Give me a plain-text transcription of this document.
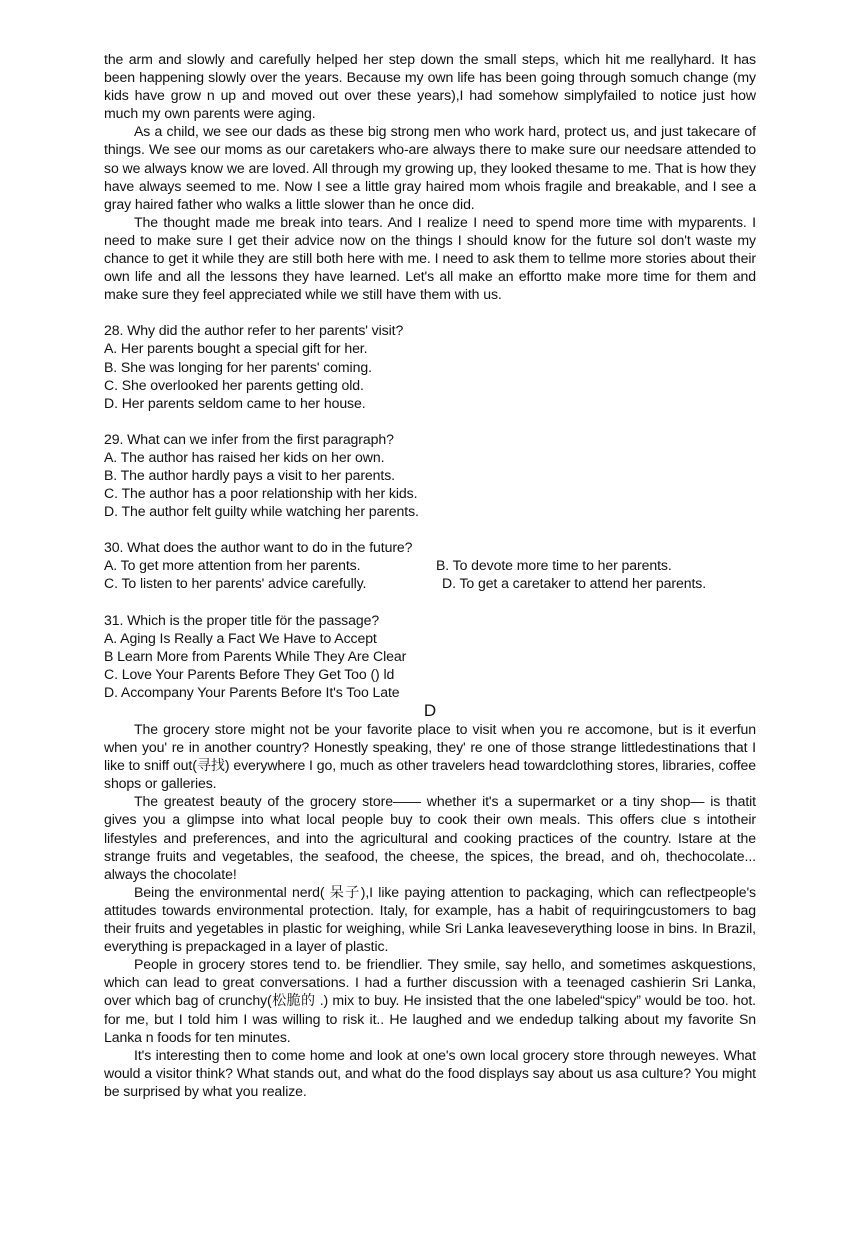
the arm and slowly and carefully helped her step down the small steps, which hit me reallyhard. It has been happening slowly over the years. Because my own life has been going through somuch change (my kids have grow n up and moved out over these years),I had somehow simplyfailed to notice just how much my own parents were aging.

As a child, we see our dads as these big strong men who work hard, protect us, and just takecare of things. We see our moms as our caretakers who-are always there to make sure our needsare attended to so we always know we are loved. All through my growing up, they looked thesame to me. That is how they have always seemed to me. Now I see a little gray haired mom whois fragile and breakable, and I see a gray haired father who walks a little slower than he once did.

The thought made me break into tears. And I realize I need to spend more time with myparents. I need to make sure I get their advice now on the things I should know for the future soI don't waste my chance to get it while they are still both here with me. I need to ask them to tellme more stories about their own life and all the lessons they have learned. Let's all make an effortto make more time for them and make sure they feel appreciated while we still have them with us.

28. Why did the author refer to her parents' visit?

A. Her parents bought a special gift for her.

B. She was longing for her parents' coming.

C. She overlooked her parents getting old.

D. Her parents seldom came to her house.

29. What can we infer from the first paragraph?

A. The author has raised her kids on her own.

B. The author hardly pays a visit to her parents.

C. The author has a poor relationship with her kids.

D. The author felt guilty while watching her parents.

30. What does the author want to do in the future?

A. To get more attention from her parents.	B. To devote more time to her parents.
C. To listen to her parents' advice carefully.	D. To get a caretaker to attend her parents.

31. Which is the proper title för the passage?

A. Aging Is Really a Fact We Have to Accept

B Learn More from Parents While They Are Clear

C. Love Your Parents Before They Get Too () ld

D. Accompany Your Parents Before It's Too Late

D

The grocery store might not be your favorite place to visit when you re accomone, but is it everfun when you' re in another country? Honestly speaking, they' re one of those strange littledestinations that I like to sniff out(寻找) everywhere I go, much as other travelers head towardclothing stores, libraries, coffee shops or galleries.

The greatest beauty of the grocery store—— whether it's a supermarket or a tiny shop— is thatit gives you a glimpse into what local people buy to cook their own meals. This offers clue s intotheir lifestyles and preferences, and into the agricultural and cooking practices of the country. Istare at the strange fruits and vegetables, the seafood, the cheese, the spices, the bread, and oh, thechocolate... always the chocolate!

Being the environmental nerd( 呆子),I like paying attention to packaging, which can reflectpeople's attitudes towards environmental protection. Italy, for example, has a habit of requiringcustomers to bag their fruits and yegetables in plastic for weighing, while Sri Lanka leaveseverything loose in bins. In Brazil, everything is prepackaged in a layer of plastic.

People in grocery stores tend to. be friendlier. They smile, say hello, and sometimes askquestions, which can lead to great conversations. I had a further discussion with a teenaged cashierin Sri Lanka, over which bag of crunchy(松脆的 .) mix to buy. He insisted that the one labeled“spicy” would be too. hot. for me, but I told him I was willing to risk it.. He laughed and we endedup talking about my favorite Sn Lanka n foods for ten minutes.

It's interesting then to come home and look at one's own local grocery store through neweyes. What would a visitor think? What stands out, and what do the food displays say about us asa culture? You might be surprised by what you realize.
